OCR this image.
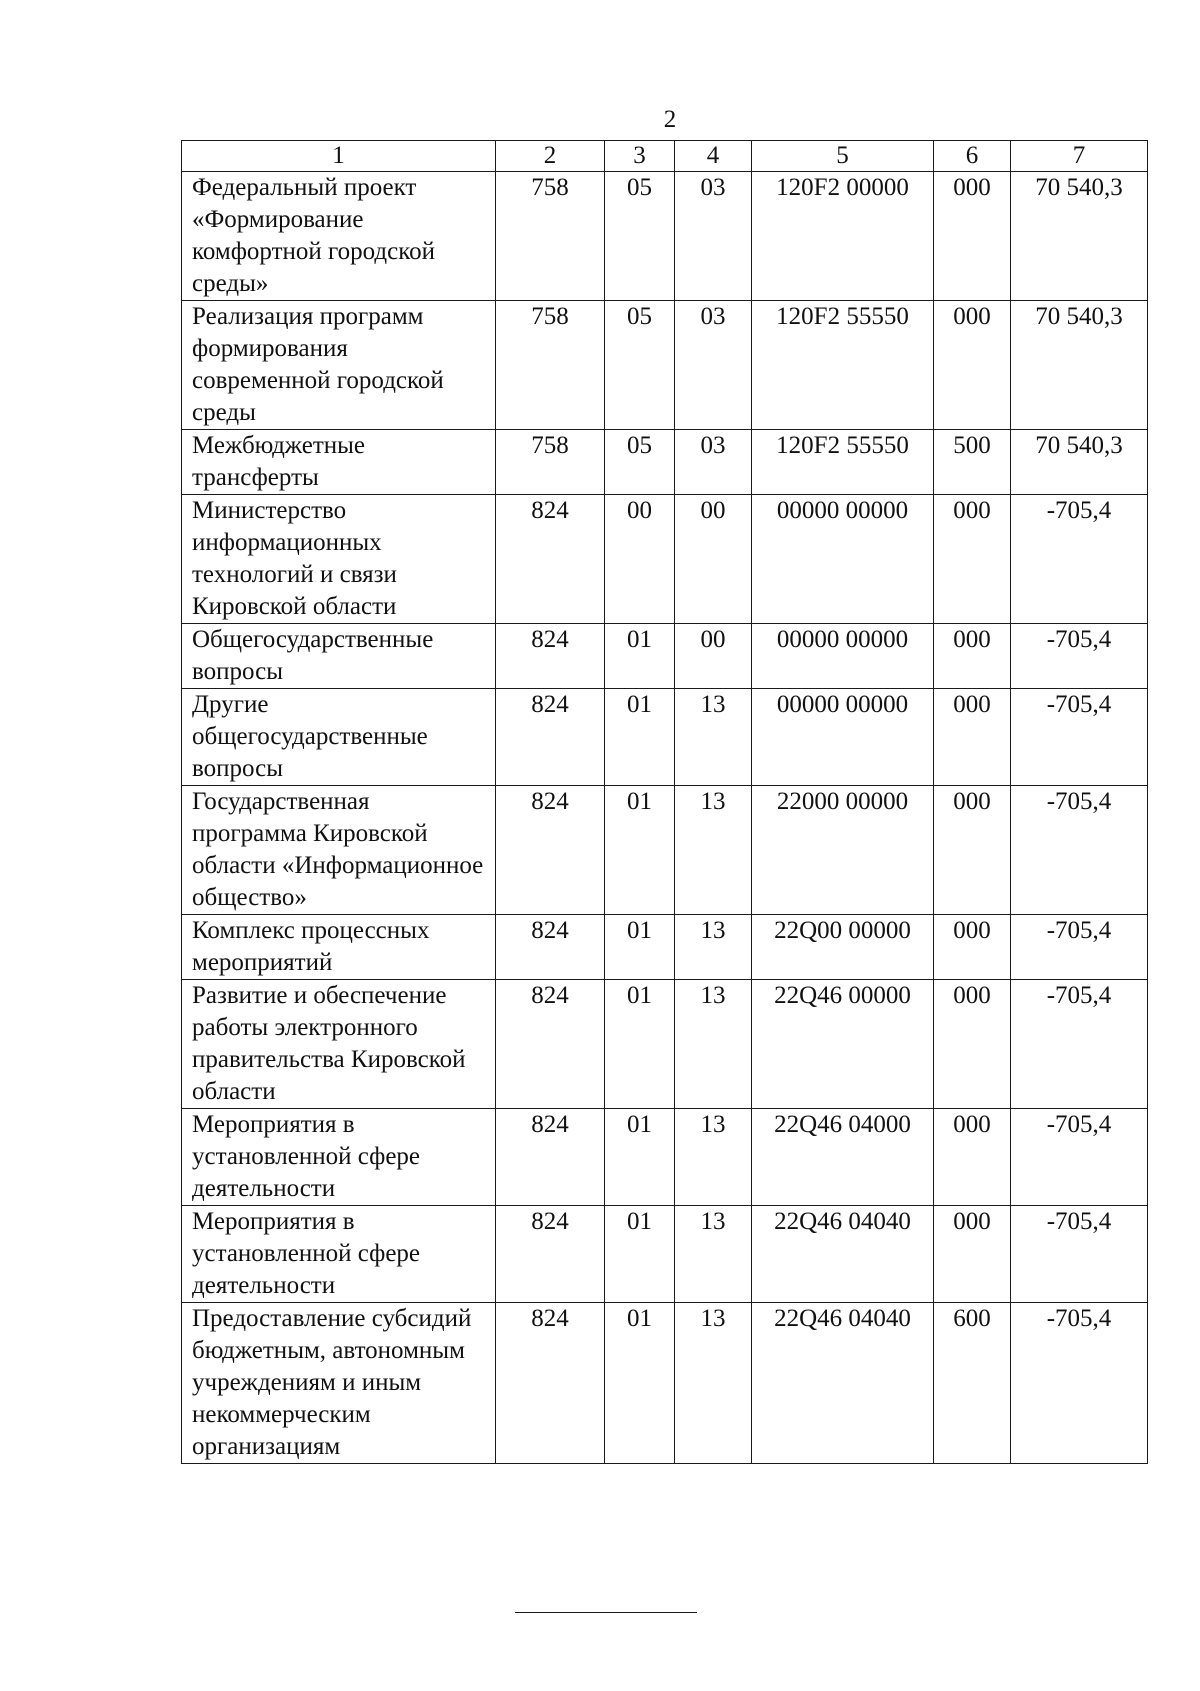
2
1	2	3	4	5	6	7
Федеральный проект «Формирование комфортной городской среды»	758	05	03	120F2 00000	000	70 540,3
Реализация программ формирования современной городской среды	758	05	03	120F2 55550	000	70 540,3
Межбюджетные трансферты	758	05	03	120F2 55550	500	70 540,3
Министерство информационных технологий и связи Кировской области	824	00	00	00000 00000	000	-705,4
Общегосударственные вопросы	824	01	00	00000 00000	000	-705,4
Другие общегосударственные вопросы	824	01	13	00000 00000	000	-705,4
Государственная программа Кировской области «Информационное общество»	824	01	13	22000 00000	000	-705,4
Комплекс процессных мероприятий	824	01	13	22Q00 00000	000	-705,4
Развитие и обеспечение работы электронного правительства Кировской области	824	01	13	22Q46 00000	000	-705,4
Мероприятия в установленной сфере деятельности	824	01	13	22Q46 04000	000	-705,4
Мероприятия в установленной сфере деятельности	824	01	13	22Q46 04040	000	-705,4
Предоставление субсидий бюджетным, автономным учреждениям и иным некоммерческим организациям	824	01	13	22Q46 04040	600	-705,4
